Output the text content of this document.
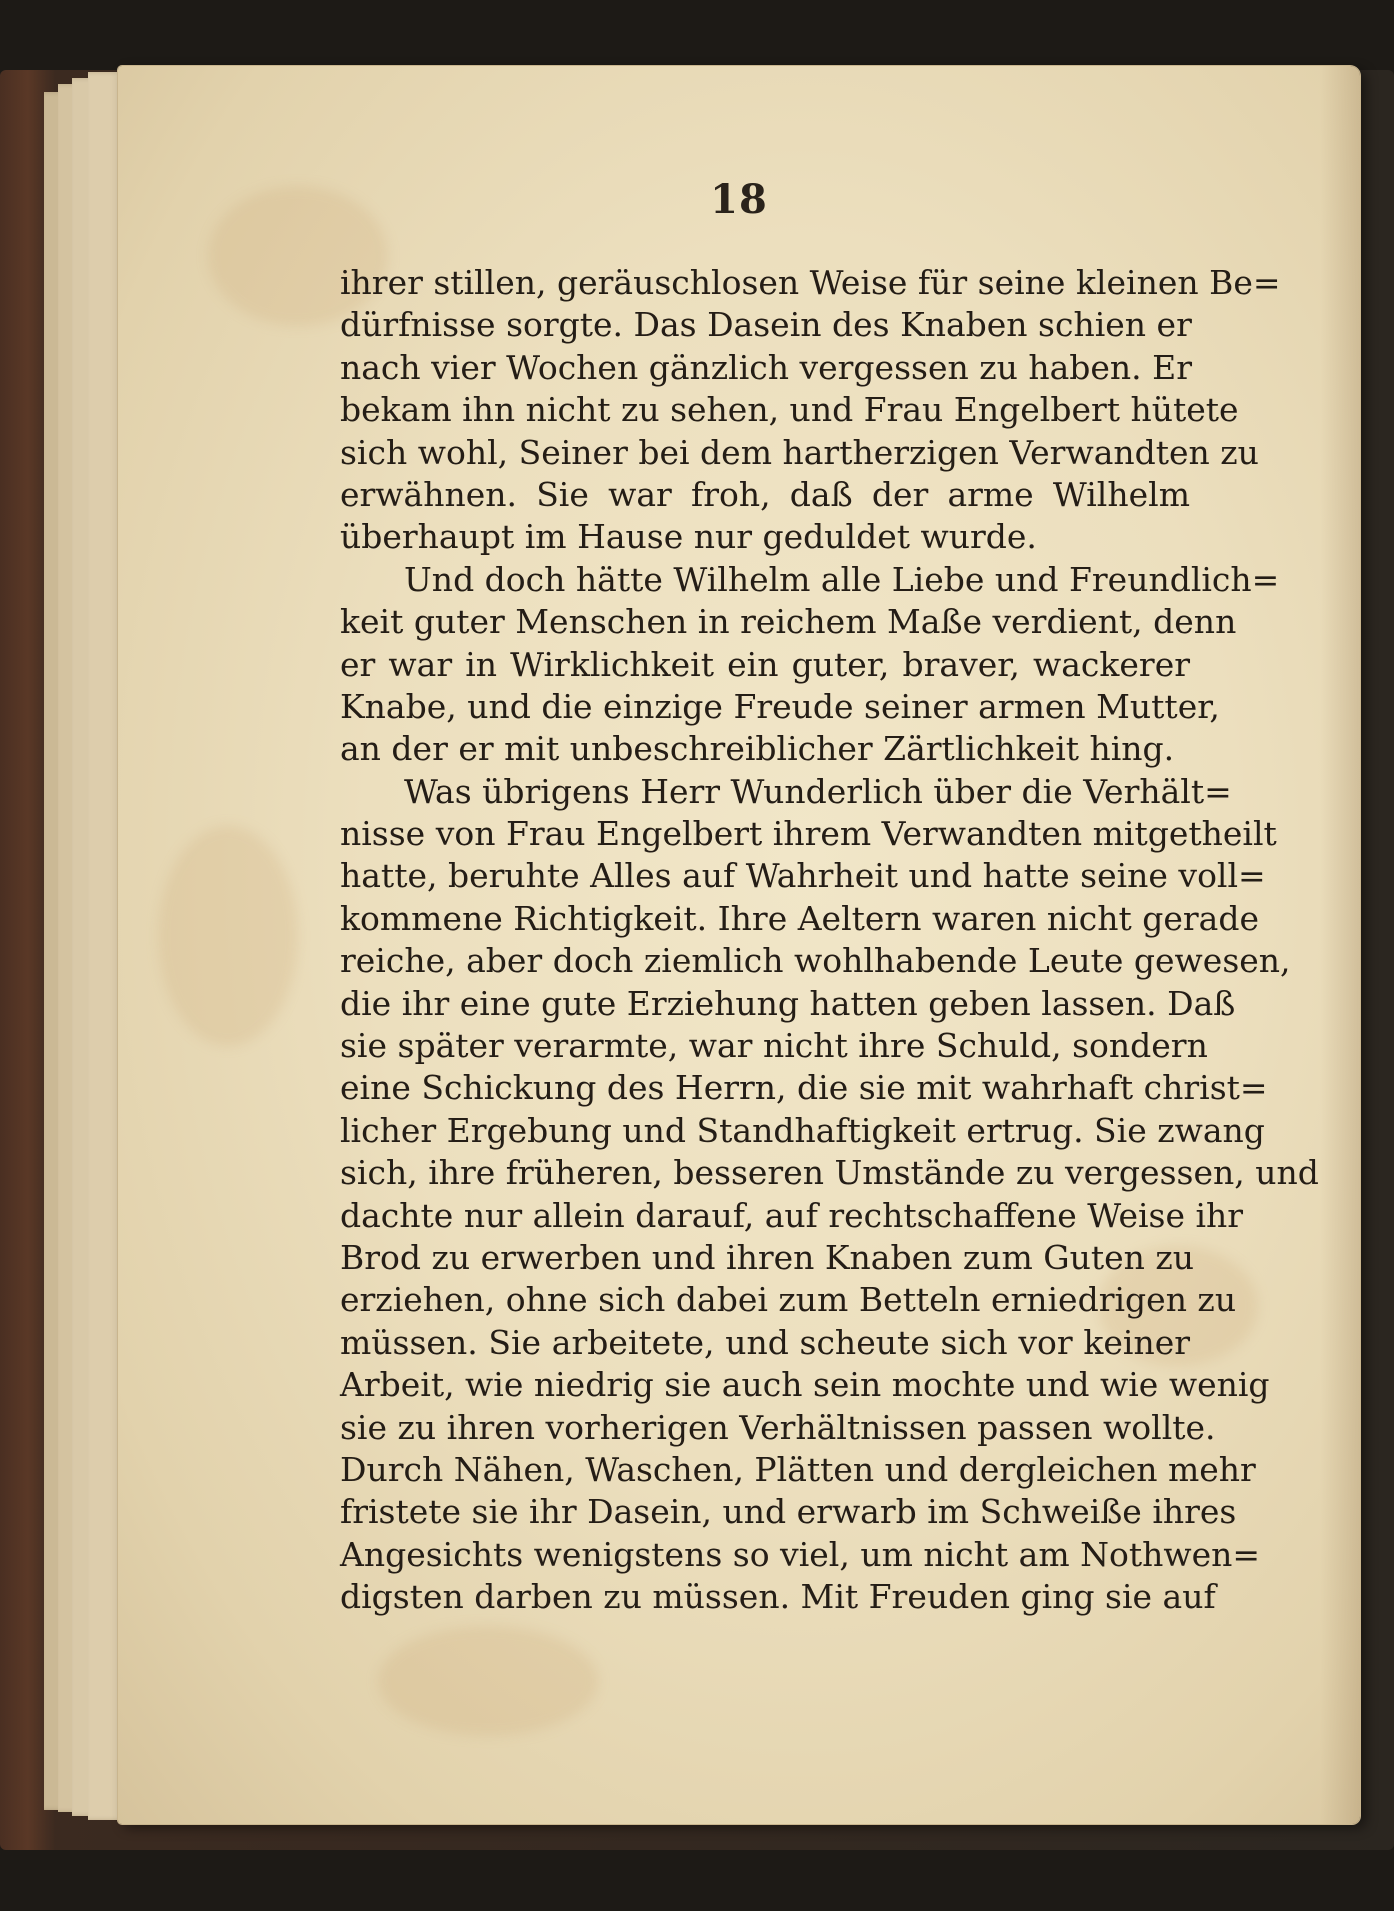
18
ihrer stillen, geräuschlosen Weise für seine kleinen Be=
dürfnisse sorgte. Das Dasein des Knaben schien er
nach vier Wochen gänzlich vergessen zu haben. Er
bekam ihn nicht zu sehen, und Frau Engelbert hütete
sich wohl, Seiner bei dem hartherzigen Verwandten zu
erwähnen. Sie war froh, daß der arme Wilhelm
überhaupt im Hause nur geduldet wurde.
Und doch hätte Wilhelm alle Liebe und Freundlich=
keit guter Menschen in reichem Maße verdient, denn
er war in Wirklichkeit ein guter, braver, wackerer
Knabe, und die einzige Freude seiner armen Mutter,
an der er mit unbeschreiblicher Zärtlichkeit hing.
Was übrigens Herr Wunderlich über die Verhält=
nisse von Frau Engelbert ihrem Verwandten mitgetheilt
hatte, beruhte Alles auf Wahrheit und hatte seine voll=
kommene Richtigkeit. Ihre Aeltern waren nicht gerade
reiche, aber doch ziemlich wohlhabende Leute gewesen,
die ihr eine gute Erziehung hatten geben lassen. Daß
sie später verarmte, war nicht ihre Schuld, sondern
eine Schickung des Herrn, die sie mit wahrhaft christ=
licher Ergebung und Standhaftigkeit ertrug. Sie zwang
sich, ihre früheren, besseren Umstände zu vergessen, und
dachte nur allein darauf, auf rechtschaffene Weise ihr
Brod zu erwerben und ihren Knaben zum Guten zu
erziehen, ohne sich dabei zum Betteln erniedrigen zu
müssen. Sie arbeitete, und scheute sich vor keiner
Arbeit, wie niedrig sie auch sein mochte und wie wenig
sie zu ihren vorherigen Verhältnissen passen wollte.
Durch Nähen, Waschen, Plätten und dergleichen mehr
fristete sie ihr Dasein, und erwarb im Schweiße ihres
Angesichts wenigstens so viel, um nicht am Nothwen=
digsten darben zu müssen. Mit Freuden ging sie auf
